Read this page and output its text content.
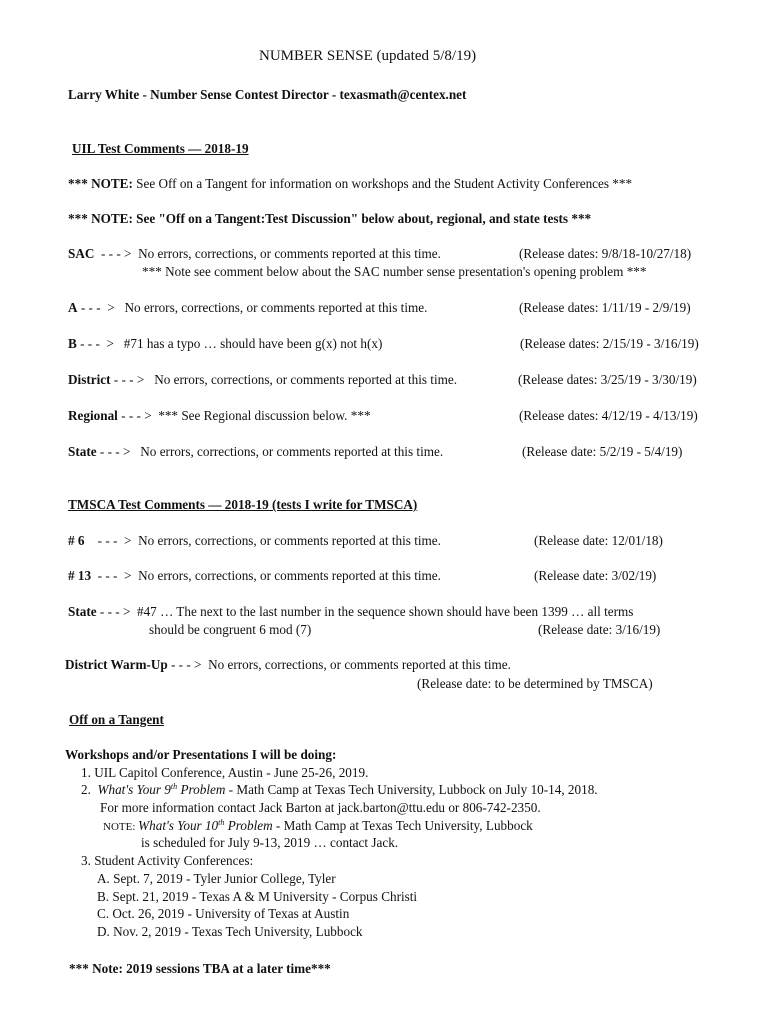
NUMBER SENSE (updated 5/8/19)
Larry White - Number Sense Contest Director - texasmath@centex.net
UIL Test Comments — 2018-19
*** NOTE: See Off on a Tangent for information on workshops and the Student Activity Conferences ***
*** NOTE: See "Off on a Tangent:Test Discussion" below about, regional, and state tests ***
SAC  - - - >  No errors, corrections, or comments reported at this time.	(Release dates: 9/8/18-10/27/18)
*** Note see comment below about the SAC number sense presentation's opening problem ***
A - - -  >   No errors, corrections, or comments reported at this time.	(Release dates: 1/11/19 - 2/9/19)
B - - -  >   #71 has a typo … should have been g(x) not h(x)	(Release dates: 2/15/19 - 3/16/19)
District - - - >   No errors, corrections, or comments reported at this time.	(Release dates: 3/25/19 - 3/30/19)
Regional - - - >  *** See Regional discussion below. ***	(Release dates: 4/12/19 - 4/13/19)
State - - - >   No errors, corrections, or comments reported at this time.	(Release date: 5/2/19 - 5/4/19)
TMSCA Test Comments — 2018-19 (tests I write for TMSCA)
# 6    - - -  >  No errors, corrections, or comments reported at this time.	(Release date: 12/01/18)
# 13  - - -  >  No errors, corrections, or comments reported at this time.	(Release date: 3/02/19)
State - - - >  #47 … The next to the last number in the sequence shown should have been 1399 … all terms
should be congruent 6 mod (7)	(Release date: 3/16/19)
District Warm-Up - - - >  No errors, corrections, or comments reported at this time.
(Release date: to be determined by TMSCA)
Off on a Tangent
Workshops and/or Presentations I will be doing:
1. UIL Capitol Conference, Austin - June 25-26, 2019.
2.  What's Your 9th Problem - Math Camp at Texas Tech University, Lubbock on July 10-14, 2018.
For more information contact Jack Barton at jack.barton@ttu.edu or 806-742-2350.
NOTE: What's Your 10th Problem - Math Camp at Texas Tech University, Lubbock
is scheduled for July 9-13, 2019 … contact Jack.
3. Student Activity Conferences:
A. Sept. 7, 2019 - Tyler Junior College, Tyler
B. Sept. 21, 2019 - Texas A & M University - Corpus Christi
C. Oct. 26, 2019 - University of Texas at Austin
D. Nov. 2, 2019 - Texas Tech University, Lubbock
*** Note: 2019 sessions TBA at a later time***
